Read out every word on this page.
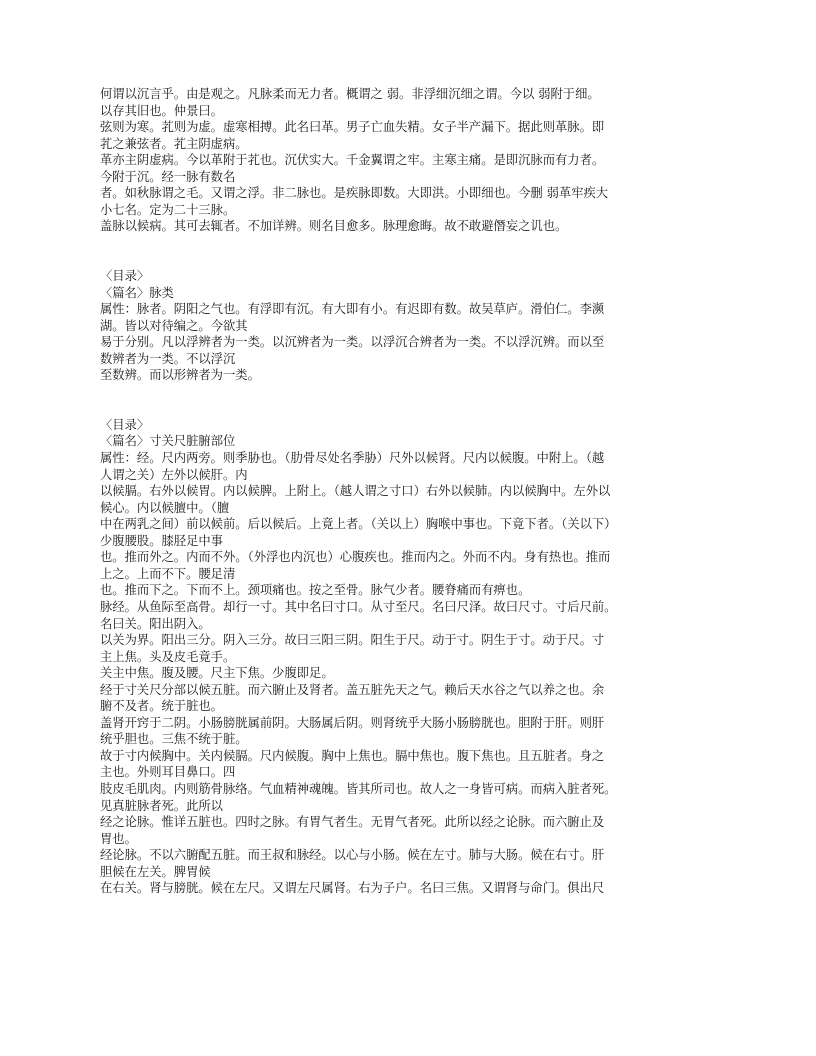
何谓以沉言乎。由是观之。凡脉柔而无力者。概谓之 弱。非浮细沉细之谓。今以 弱附于细。
以存其旧也。仲景曰。
弦则为寒。芤则为虚。虚寒相搏。此名曰革。男子亡血失精。女子半产漏下。据此则革脉。即
芤之兼弦者。芤主阴虚病。
革亦主阴虚病。今以革附于芤也。沉伏实大。千金翼谓之牢。主寒主痛。是即沉脉而有力者。
今附于沉。经一脉有数名
者。如秋脉谓之毛。又谓之浮。非二脉也。是疾脉即数。大即洪。小即细也。今删 弱革牢疾大
小七名。定为二十三脉。
盖脉以候病。其可去辄者。不加详辨。则名目愈多。脉理愈晦。故不敢避僭妄之讥也。
〈目录〉
〈篇名〉脉类
属性：脉者。阴阳之气也。有浮即有沉。有大即有小。有迟即有数。故吴草庐。滑伯仁。李濒
湖。皆以对待编之。今欲其
易于分别。凡以浮辨者为一类。以沉辨者为一类。以浮沉合辨者为一类。不以浮沉辨。而以至
数辨者为一类。不以浮沉
至数辨。而以形辨者为一类。
〈目录〉
〈篇名〉寸关尺脏腑部位
属性：经。尺内两旁。则季胁也。（肋骨尽处名季胁）尺外以候肾。尺内以候腹。中附上。（越
人谓之关）左外以候肝。内
以候膈。右外以候胃。内以候脾。上附上。（越人谓之寸口）右外以候肺。内以候胸中。左外以
候心。内以候膻中。（膻
中在两乳之间）前以候前。后以候后。上竟上者。（关以上）胸喉中事也。下竟下者。（关以下）
少腹腰股。膝胫足中事
也。推而外之。内而不外。（外浮也内沉也）心腹疾也。推而内之。外而不内。身有热也。推而
上之。上而不下。腰足清
也。推而下之。下而不上。颈项痛也。按之至骨。脉气少者。腰脊痛而有痹也。
脉经。从鱼际至高骨。却行一寸。其中名曰寸口。从寸至尺。名曰尺泽。故曰尺寸。寸后尺前。
名曰关。阳出阴入。
以关为界。阳出三分。阴入三分。故曰三阳三阴。阳生于尺。动于寸。阴生于寸。动于尺。寸
主上焦。头及皮毛竟手。
关主中焦。腹及腰。尺主下焦。少腹即足。
经于寸关尺分部以候五脏。而六腑止及肾者。盖五脏先天之气。赖后天水谷之气以养之也。余
腑不及者。统于脏也。
盖肾开窍于二阴。小肠膀胱属前阴。大肠属后阴。则肾统乎大肠小肠膀胱也。胆附于肝。则肝
统乎胆也。三焦不统于脏。
故于寸内候胸中。关内候膈。尺内候腹。胸中上焦也。膈中焦也。腹下焦也。且五脏者。身之
主也。外则耳目鼻口。四
肢皮毛肌肉。内则筋骨脉络。气血精神魂魄。皆其所司也。故人之一身皆可病。而病入脏者死。
见真脏脉者死。此所以
经之论脉。惟详五脏也。四时之脉。有胃气者生。无胃气者死。此所以经之论脉。而六腑止及
胃也。
经论脉。不以六腑配五脏。而王叔和脉经。以心与小肠。候在左寸。肺与大肠。候在右寸。肝
胆候在左关。脾胃候
在右关。肾与膀胱。候在左尺。又谓左尺属肾。右为子户。名曰三焦。又谓肾与命门。俱出尺
